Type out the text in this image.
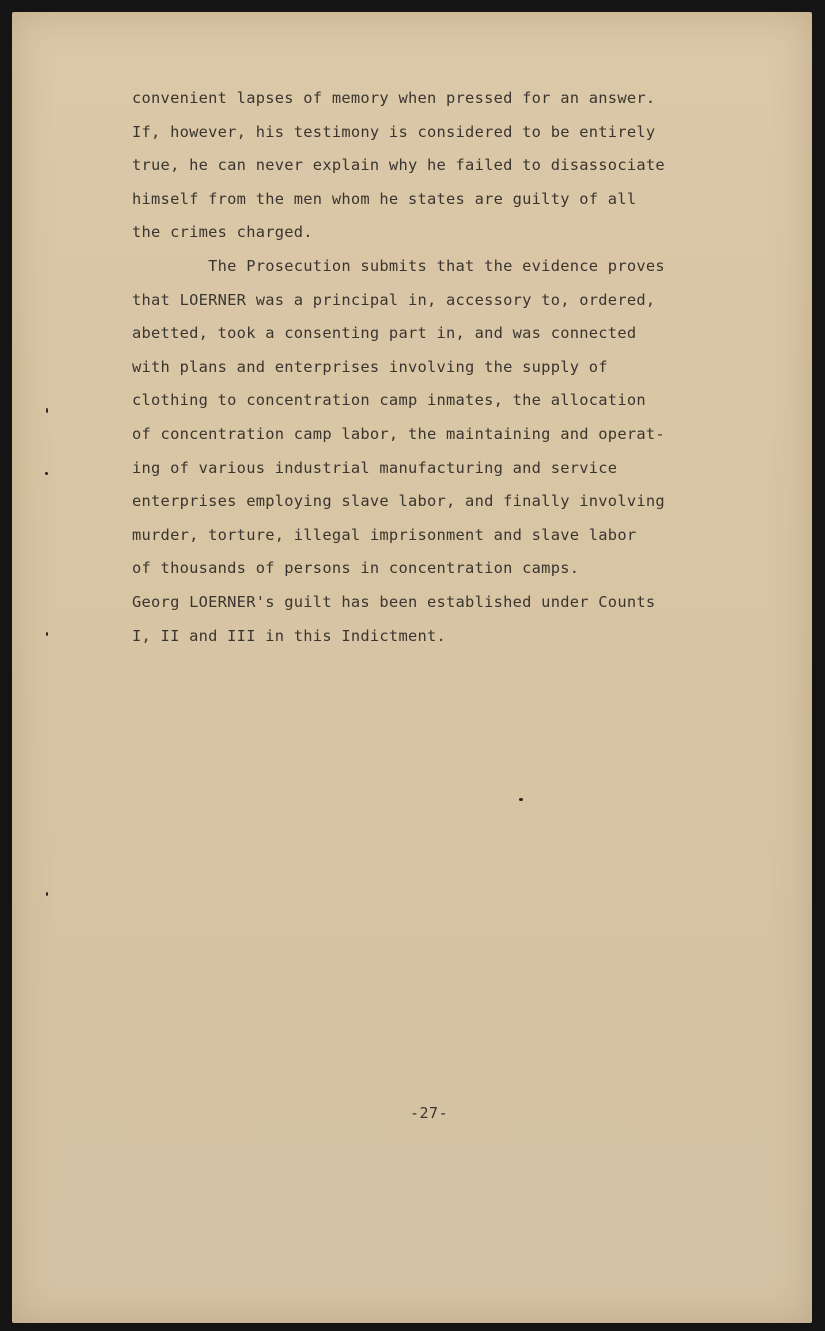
convenient lapses of memory when pressed for an answer.
If, however, his testimony is considered to be entirely
true, he can never explain why he failed to disassociate
himself from the men whom he states are guilty of all
the crimes charged.
The Prosecution submits that the evidence proves
that LOERNER was a principal in, accessory to, ordered,
abetted, took a consenting part in, and was connected
with plans and enterprises involving the supply of
clothing to concentration camp inmates, the allocation
of concentration camp labor, the maintaining and operat-
ing of various industrial manufacturing and service
enterprises employing slave labor, and finally involving
murder, torture, illegal imprisonment and slave labor
of thousands of persons in concentration camps.
Georg LOERNER's guilt has been established under Counts
I, II and III in this Indictment.
-27-
